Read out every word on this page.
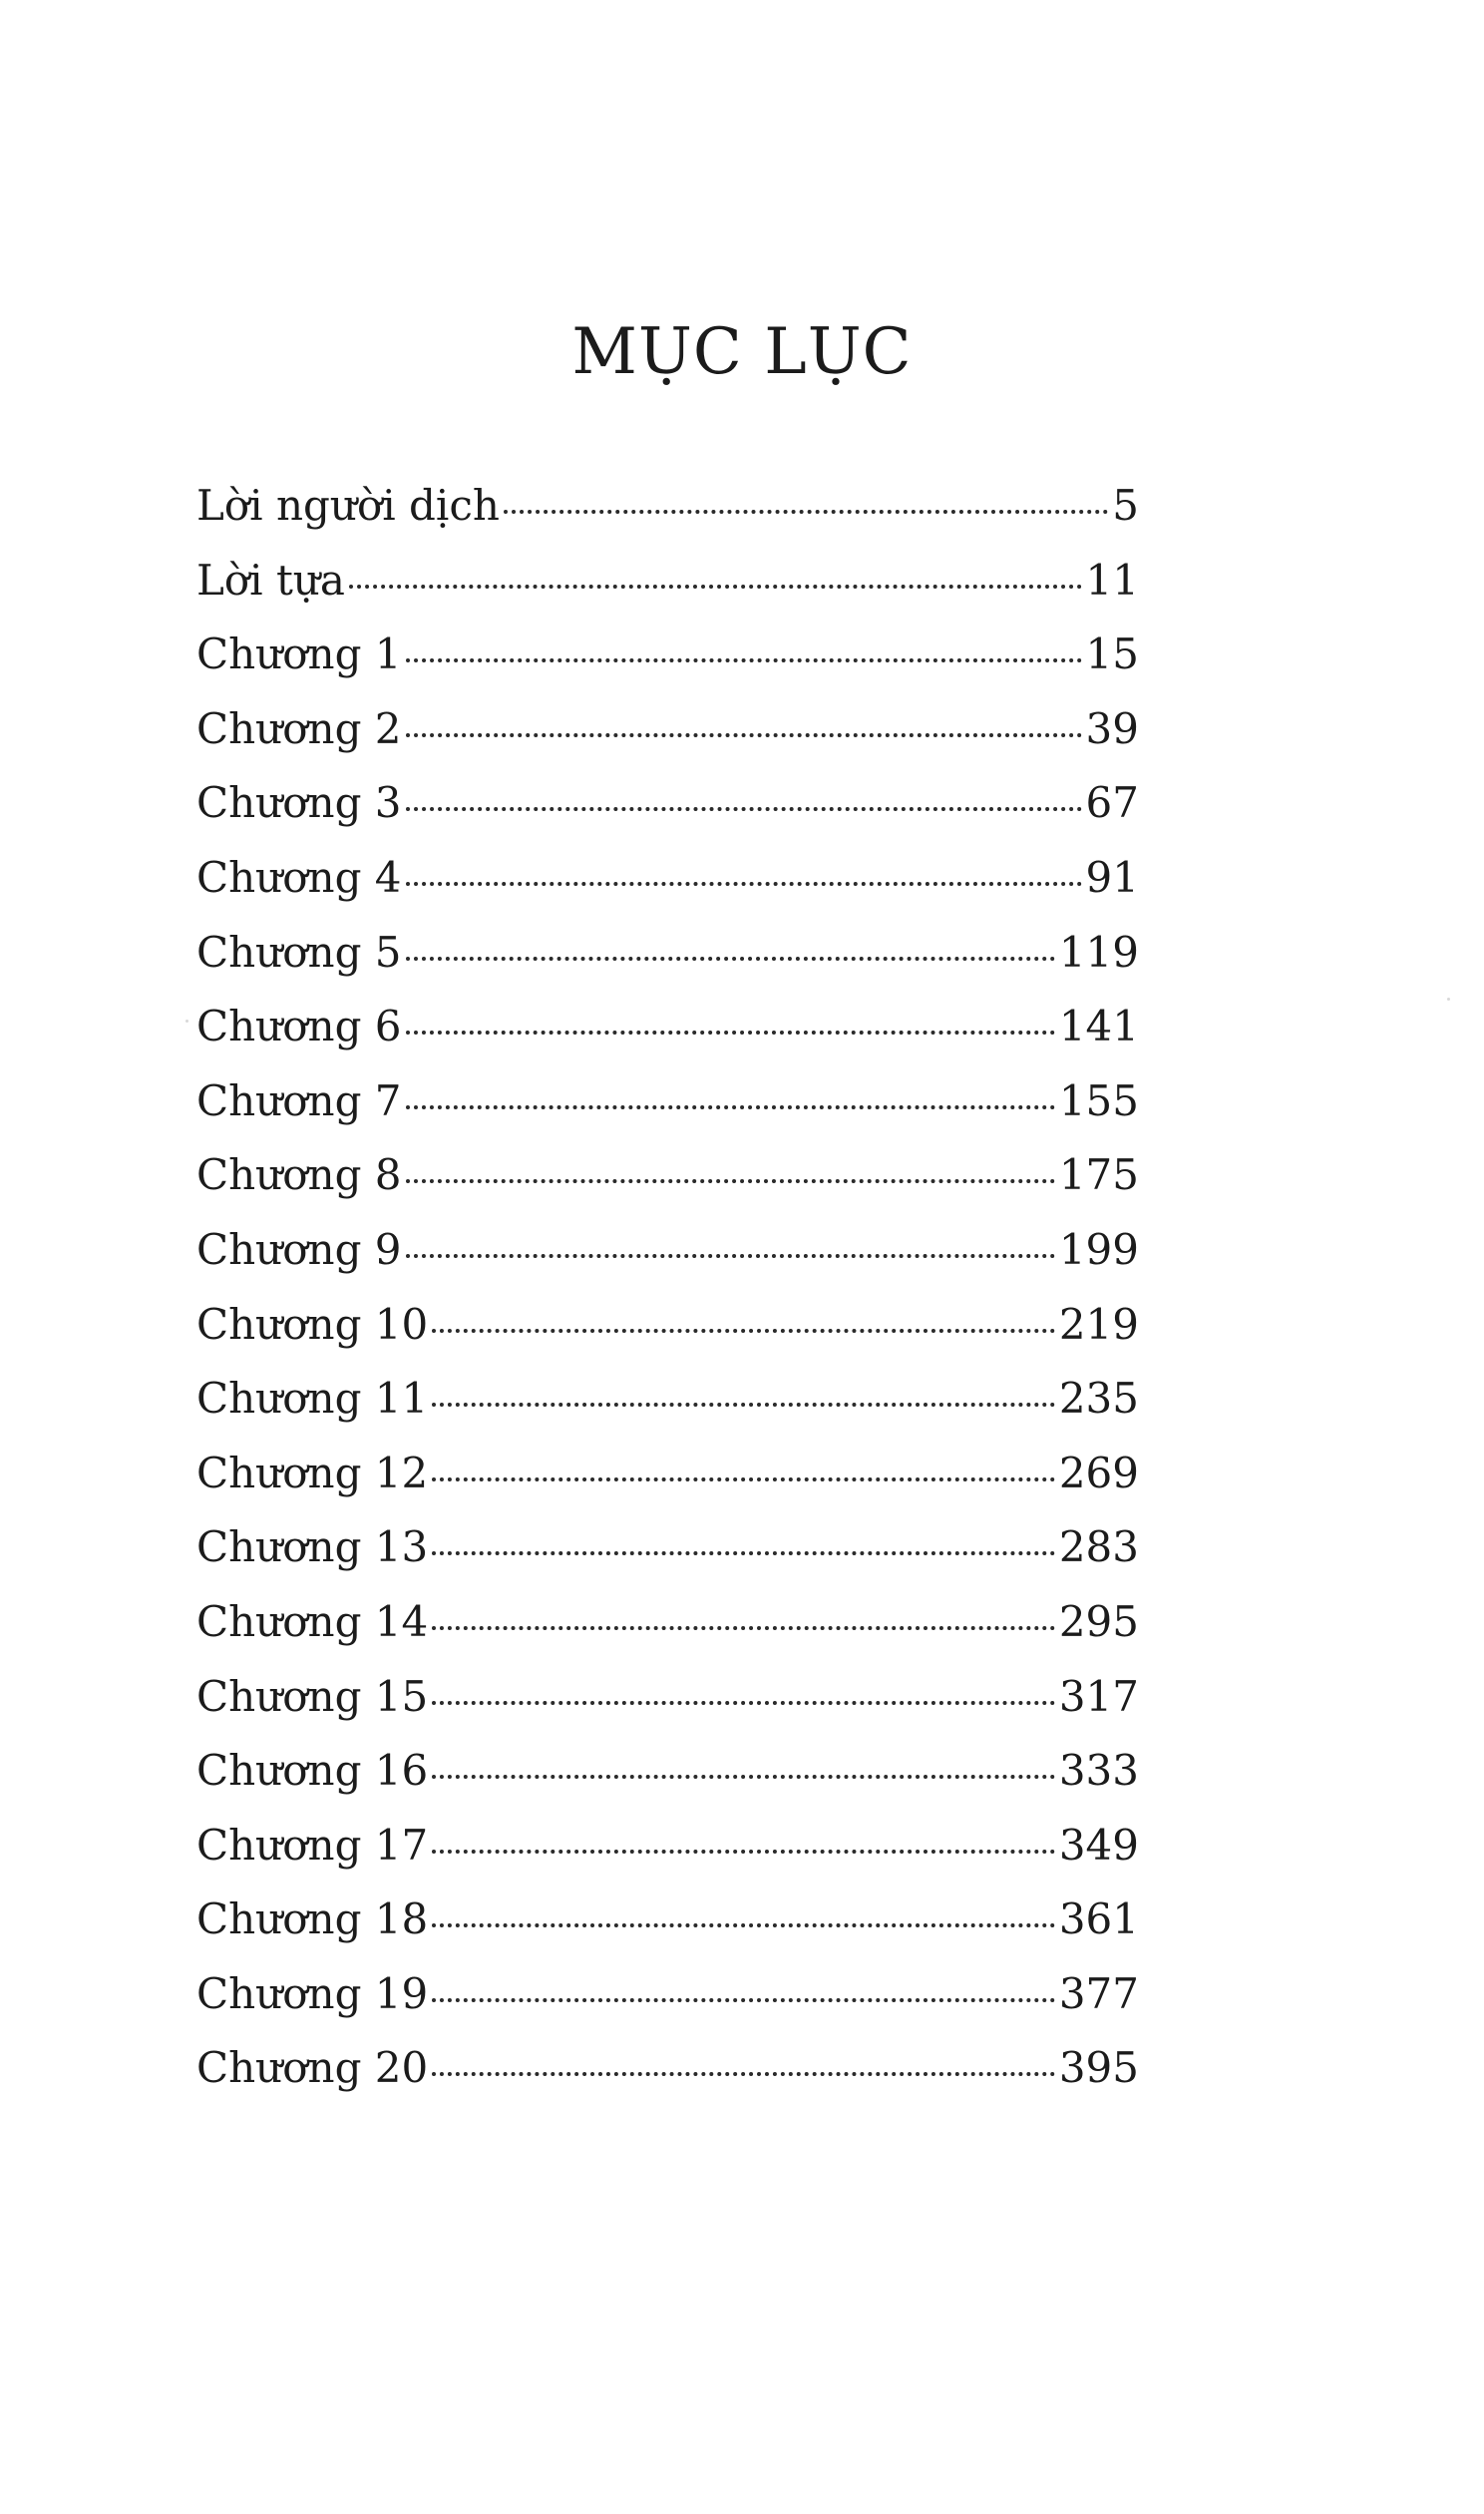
MỤC LỤC
Lời người dịch	5
Lời tựa	11
Chương 1	15
Chương 2	39
Chương 3	67
Chương 4	91
Chương 5	119
Chương 6	141
Chương 7	155
Chương 8	175
Chương 9	199
Chương 10	219
Chương 11	235
Chương 12	269
Chương 13	283
Chương 14	295
Chương 15	317
Chương 16	333
Chương 17	349
Chương 18	361
Chương 19	377
Chương 20	395
